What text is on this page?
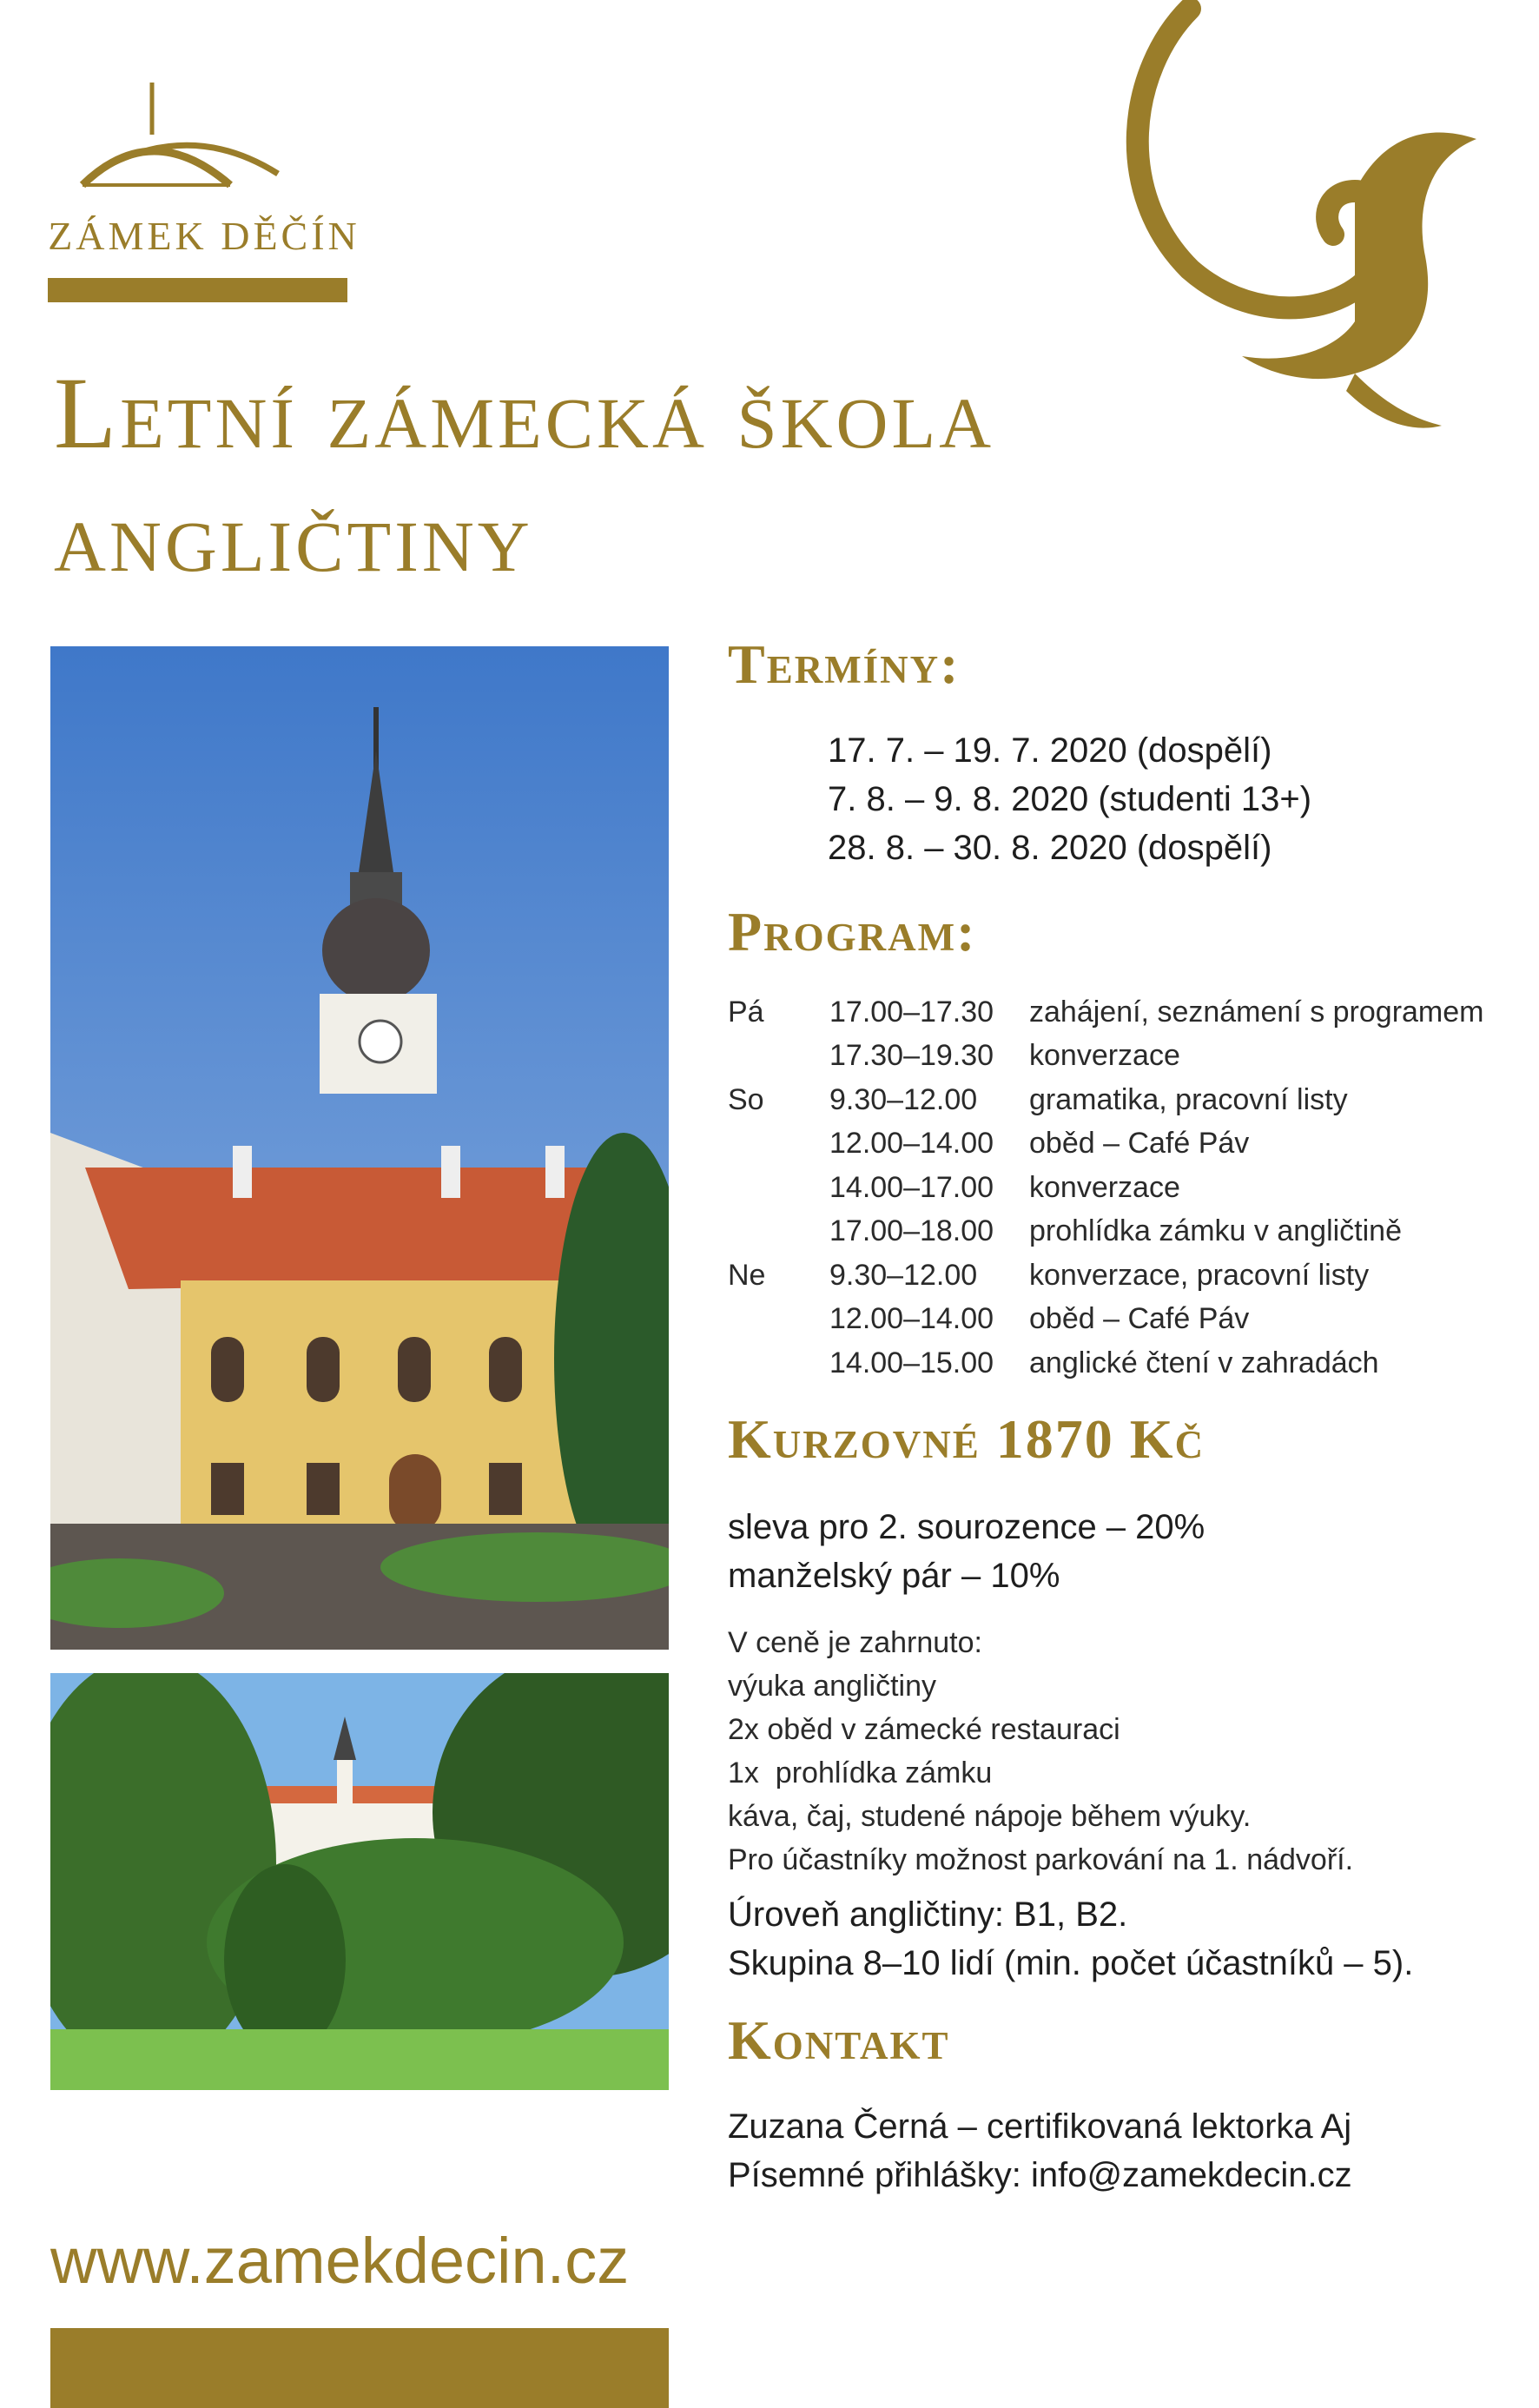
ZÁMEK DĚČÍN
Letní zámecká škola
angličtiny
Termíny:
17. 7. – 19. 7. 2020 (dospělí)
7. 8. – 9. 8. 2020 (studenti 13+)
28. 8. – 30. 8. 2020 (dospělí)
Program:
Pá	17.00–17.30	zahájení, seznámení s programem
17.30–19.30	konverzace
So	9.30–12.00	gramatika, pracovní listy
12.00–14.00	oběd – Café Páv
14.00–17.00	konverzace
17.00–18.00	prohlídka zámku v angličtině
Ne	9.30–12.00	konverzace, pracovní listy
12.00–14.00	oběd – Café Páv
14.00–15.00	anglické čtení v zahradách
Kurzovné 1870 Kč
sleva pro 2. sourozence – 20%
manželský pár – 10%
V ceně je zahrnuto:
výuka angličtiny
2x oběd v zámecké restauraci
1x  prohlídka zámku
káva, čaj, studené nápoje během výuky.
Pro účastníky možnost parkování na 1. nádvoří.
Úroveň angličtiny: B1, B2.
Skupina 8–10 lidí (min. počet účastníků – 5).
Kontakt
Zuzana Černá – certifikovaná lektorka Aj
Písemné přihlášky: info@zamekdecin.cz
www.zamekdecin.cz
